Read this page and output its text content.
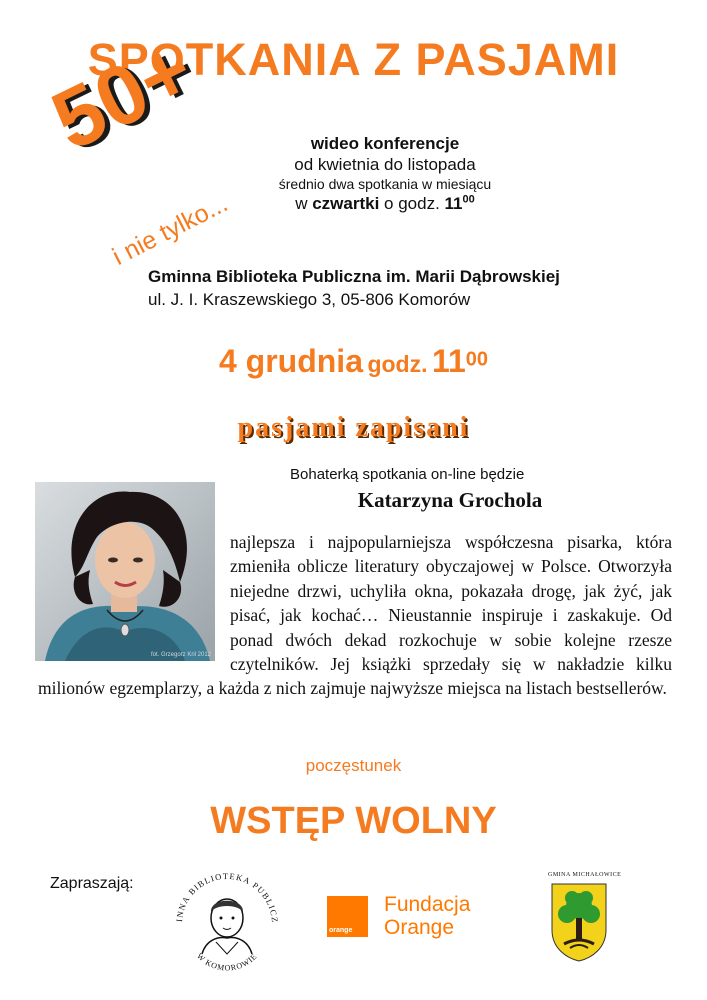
SPOTKANIA Z PASJAMI
50+
i nie tylko...
wideo konferencje
od kwietnia do listopada
średnio dwa spotkania w miesiącu
w czwartki o godz. $11^{00}$
Gminna Biblioteka Publiczna im. Marii Dąbrowskiej
ul. J. I. Kraszewskiego 3, 05-806 Komorów
4 grudnia godz. $11^{00}$
pasjami zapisani
Bohaterką spotkania on-line będzie
Katarzyna Grochola
fot. Grzegorz Kril 2012
najlepsza i najpopularniejsza współczesna pisarka, która zmieniła oblicze literatury obyczajowej w Polsce. Otworzyła niejedne drzwi, uchyliła okna, pokazała drogę, jak żyć, jak pisać, jak kochać… Nieustannie inspiruje i zaskakuje. Od ponad dwóch dekad rozkochuje w sobie kolejne rzesze czytelników. Jej książki sprzedały się w nakładzie kilku milionów egzemplarzy, a każda z nich zajmuje najwyższe miejsca na listach bestsellerów.
poczęstunek
WSTĘP WOLNY
Zapraszają:
INNA BIBLIOTEKA PUBLICZ
W KOMOROWIE
orange
Fundacja
Orange
GMINA MICHAŁOWICE
